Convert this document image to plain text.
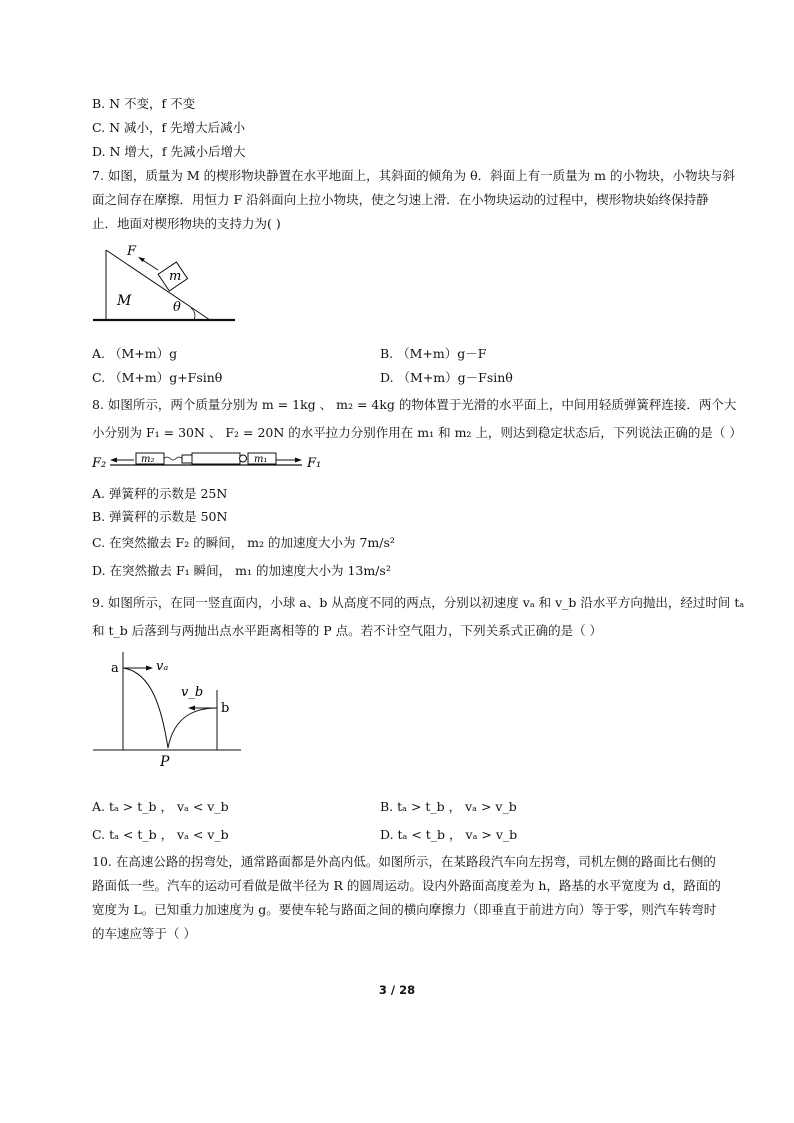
B. N 不变，f 不变
C. N 减小，f 先增大后减小
D. N 增大，f 先减小后增大
7. 如图，质量为 M 的楔形物块静置在水平地面上，其斜面的倾角为 θ．斜面上有一质量为 m 的小物块，小物块与斜
面之间存在摩擦．用恒力 F 沿斜面向上拉小物块，使之匀速上滑．在小物块运动的过程中，楔形物块始终保持静
止．地面对楔形物块的支持力为( )
F
m
M	θ
A. （M+m）g	B. （M+m）g－F
C. （M+m）g+Fsinθ	D. （M+m）g－Fsinθ
8. 如图所示，两个质量分别为 m = 1kg 、 m₂ = 4kg 的物体置于光滑的水平面上，中间用轻质弹簧秤连接．两个大
小分别为 F₁ = 30N 、 F₂ = 20N 的水平拉力分别作用在 m₁ 和 m₂ 上，则达到稳定状态后，下列说法正确的是（ ）
F₂	m₂	m₁	F₁
A. 弹簧秤的示数是 25N
B. 弹簧秤的示数是 50N
C. 在突然撤去 F₂ 的瞬间， m₂ 的加速度大小为 7m/s²
D. 在突然撤去 F₁ 瞬间， m₁ 的加速度大小为 13m/s²
9. 如图所示，在同一竖直面内，小球 a、b 从高度不同的两点，分别以初速度 vₐ 和 v_b 沿水平方向抛出，经过时间 tₐ
和 t_b 后落到与两抛出点水平距离相等的 P 点。若不计空气阻力，下列关系式正确的是（ ）
a	vₐ
v_b
b
P
A. tₐ > t_b ， vₐ < v_b	B. tₐ > t_b ， vₐ > v_b
C. tₐ < t_b ， vₐ < v_b	D. tₐ < t_b ， vₐ > v_b
10. 在高速公路的拐弯处，通常路面都是外高内低。如图所示，在某路段汽车向左拐弯，司机左侧的路面比右侧的
路面低一些。汽车的运动可看做是做半径为 R 的圆周运动。设内外路面高度差为 h，路基的水平宽度为 d，路面的
宽度为 L。已知重力加速度为 g。要使车轮与路面之间的横向摩擦力（即垂直于前进方向）等于零，则汽车转弯时
的车速应等于（ ）
3 / 28
